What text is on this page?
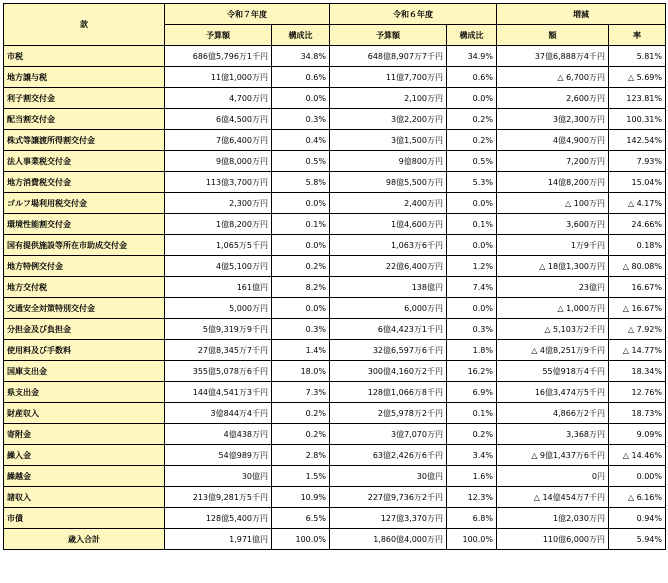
款	令和７年度		令和６年度		増減	
	予算額	構成比	予算額	構成比	額	率
市税	686億5,796万1千円	34.8%	648億8,907万7千円	34.9%	37億6,888万4千円	5.81%
地方譲与税	11億1,000万円	0.6%	11億7,700万円	0.6%	△ 6,700万円	△ 5.69%
利子割交付金	4,700万円	0.0%	2,100万円	0.0%	2,600万円	123.81%
配当割交付金	6億4,500万円	0.3%	3億2,200万円	0.2%	3億2,300万円	100.31%
株式等譲渡所得割交付金	7億6,400万円	0.4%	3億1,500万円	0.2%	4億4,900万円	142.54%
法人事業税交付金	9億8,000万円	0.5%	9億800万円	0.5%	7,200万円	7.93%
地方消費税交付金	113億3,700万円	5.8%	98億5,500万円	5.3%	14億8,200万円	15.04%
ゴルフ場利用税交付金	2,300万円	0.0%	2,400万円	0.0%	△ 100万円	△ 4.17%
環境性能割交付金	1億8,200万円	0.1%	1億4,600万円	0.1%	3,600万円	24.66%
国有提供施設等所在市助成交付金	1,065万5千円	0.0%	1,063万6千円	0.0%	1万9千円	0.18%
地方特例交付金	4億5,100万円	0.2%	22億6,400万円	1.2%	△ 18億1,300万円	△ 80.08%
地方交付税	161億円	8.2%	138億円	7.4%	23億円	16.67%
交通安全対策特別交付金	5,000万円	0.0%	6,000万円	0.0%	△ 1,000万円	△ 16.67%
分担金及び負担金	5億9,319万9千円	0.3%	6億4,423万1千円	0.3%	△ 5,103万2千円	△ 7.92%
使用料及び手数料	27億8,345万7千円	1.4%	32億6,597万6千円	1.8%	△ 4億8,251万9千円	△ 14.77%
国庫支出金	355億5,078万6千円	18.0%	300億4,160万2千円	16.2%	55億918万4千円	18.34%
県支出金	144億4,541万3千円	7.3%	128億1,066万8千円	6.9%	16億3,474万5千円	12.76%
財産収入	3億844万4千円	0.2%	2億5,978万2千円	0.1%	4,866万2千円	18.73%
寄附金	4億438万円	0.2%	3億7,070万円	0.2%	3,368万円	9.09%
繰入金	54億989万円	2.8%	63億2,426万6千円	3.4%	△ 9億1,437万6千円	△ 14.46%
繰越金	30億円	1.5%	30億円	1.6%	0円	0.00%
諸収入	213億9,281万5千円	10.9%	227億9,736万2千円	12.3%	△ 14億454万7千円	△ 6.16%
市債	128億5,400万円	6.5%	127億3,370万円	6.8%	1億2,030万円	0.94%
歳入合計	1,971億円	100.0%	1,860億4,000万円	100.0%	110億6,000万円	5.94%
